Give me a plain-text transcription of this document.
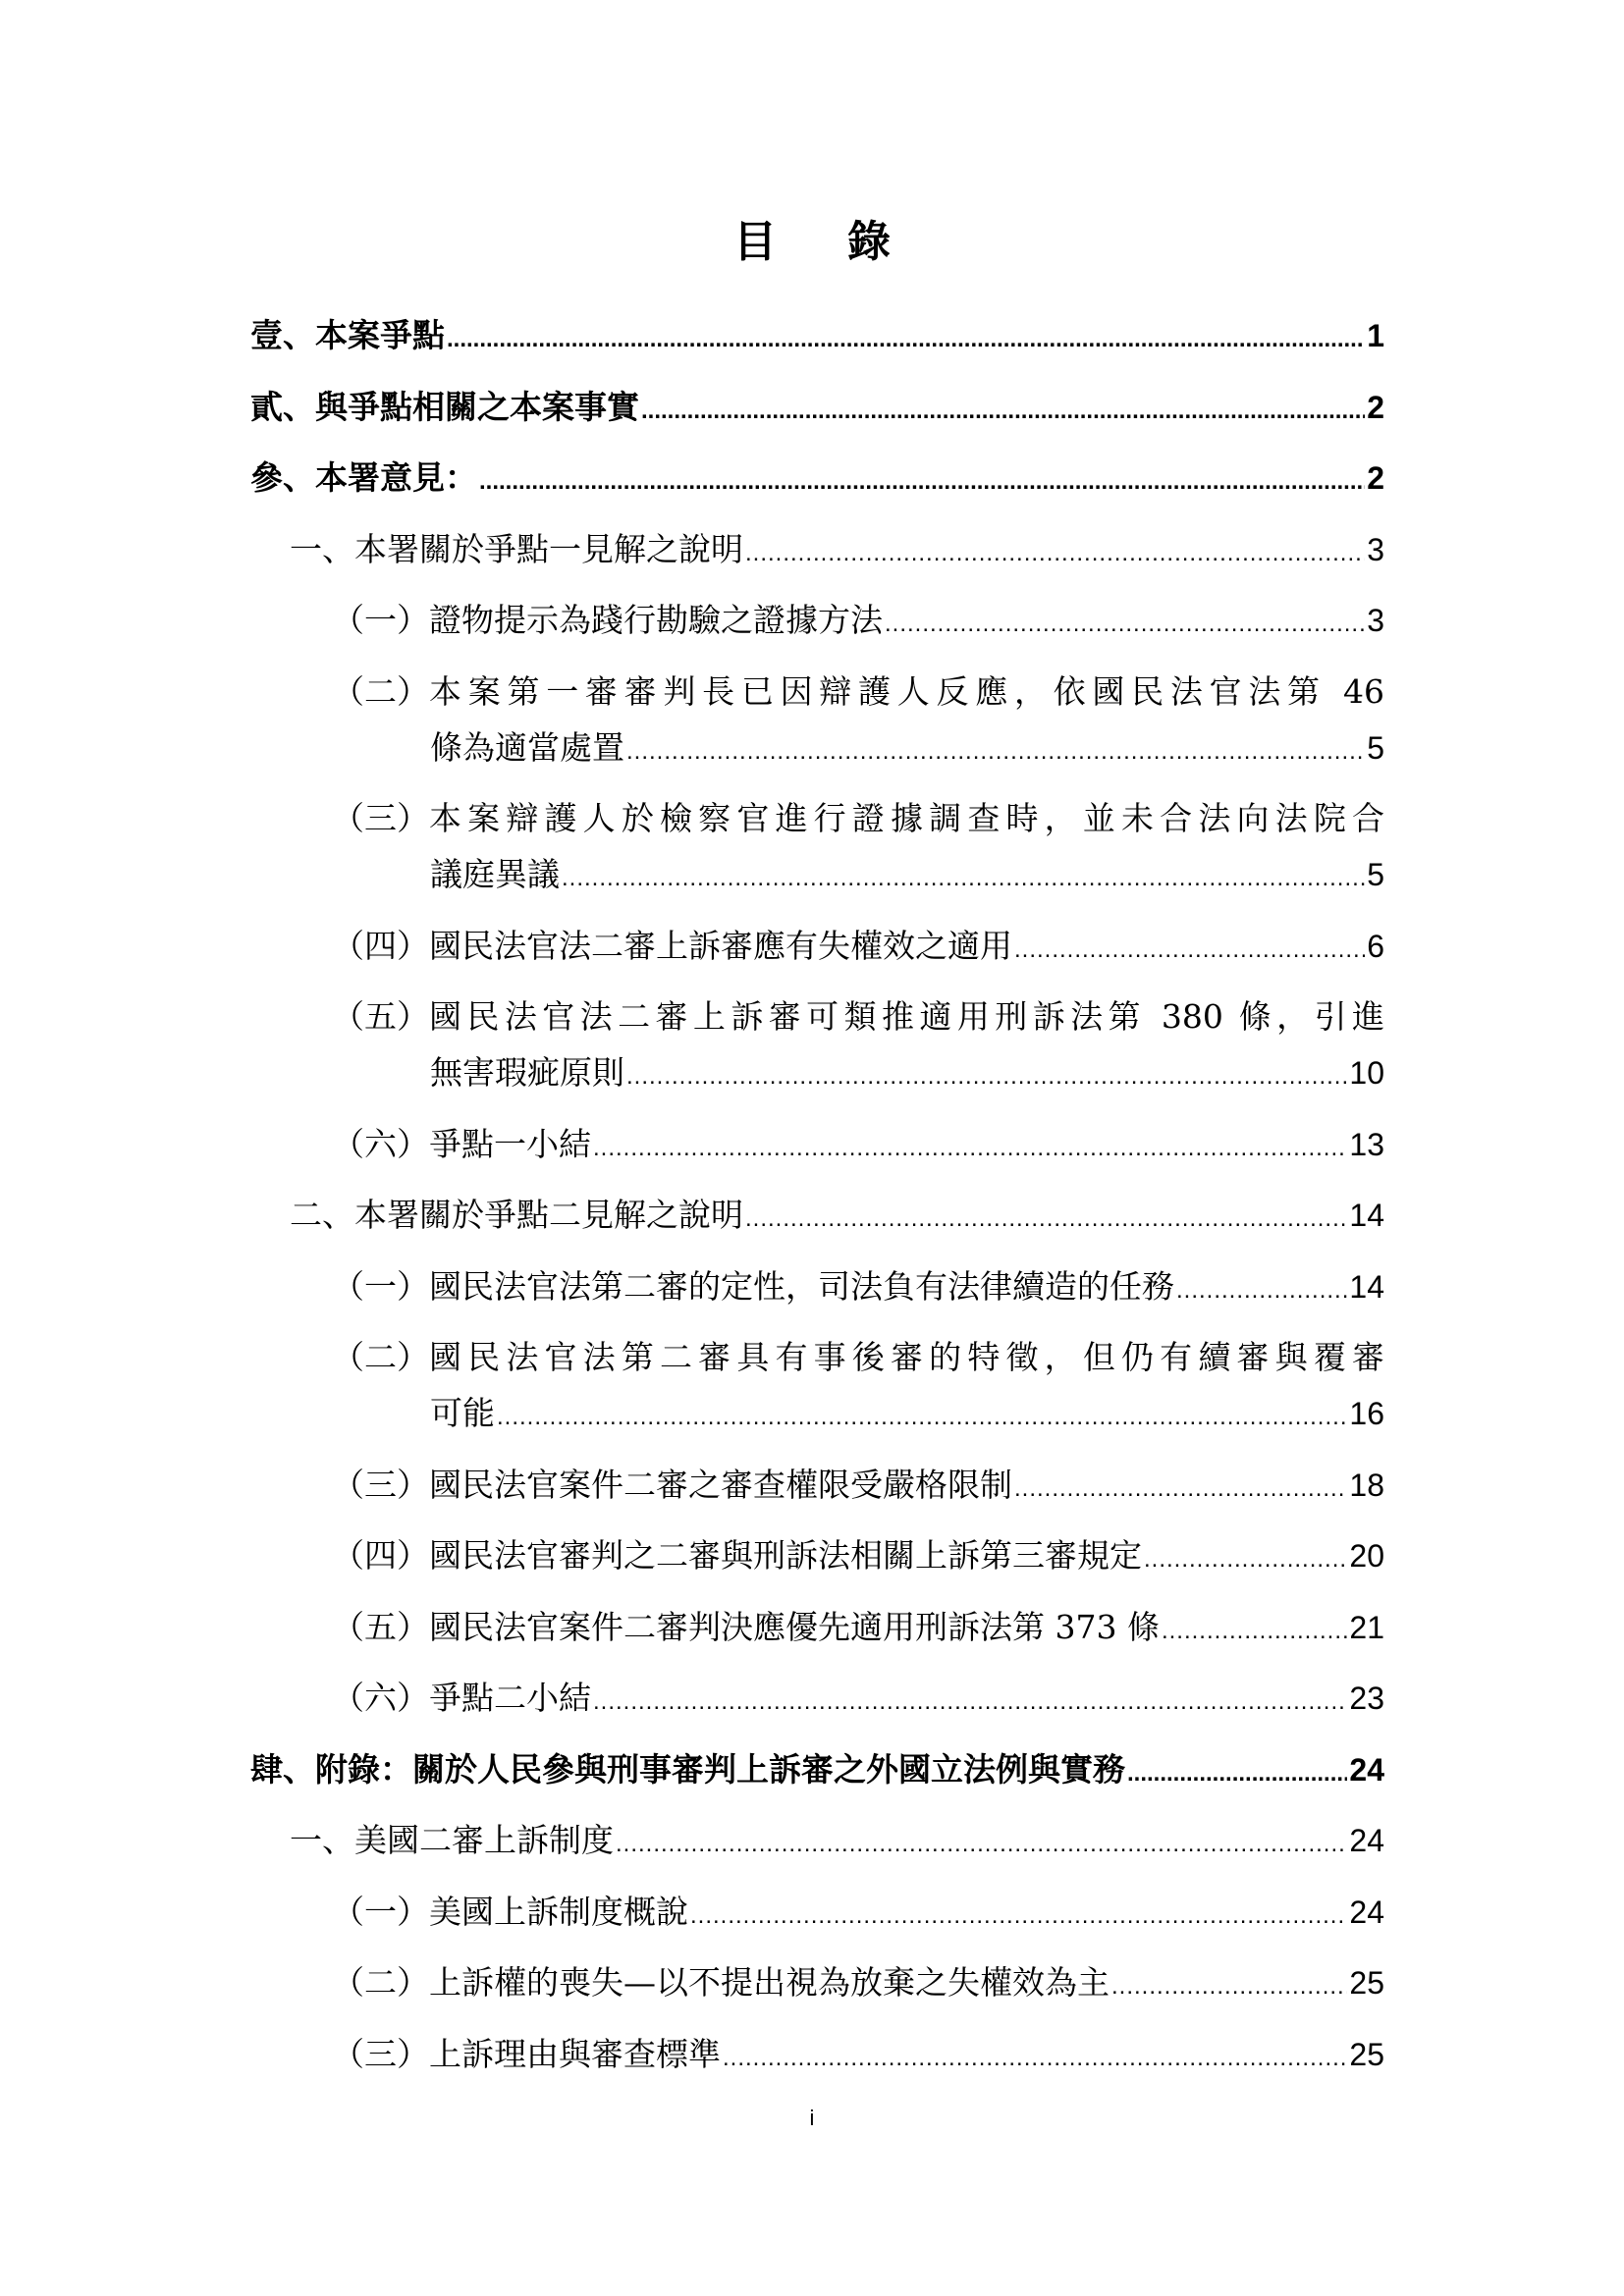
目 錄
壹、本案爭點 .....	1
貳、與爭點相關之本案事實 .....	2
參、本署意見： .....	2
一、本署關於爭點一見解之說明 .....	3
（一） 證物提示為踐行勘驗之證據方法 .....	3
（二） 本案第一審審判長已因辯護人反應，依國民法官法第 46
條為適當處置 .....	5
（三） 本案辯護人於檢察官進行證據調查時，並未合法向法院合
議庭異議 .....	5
（四） 國民法官法二審上訴審應有失權效之適用 .....	6
（五） 國民法官法二審上訴審可類推適用刑訴法第 380 條，引進
無害瑕疵原則 .....	10
（六） 爭點一小結 .....	13
二、本署關於爭點二見解之說明 .....	14
（一） 國民法官法第二審的定性，司法負有法律續造的任務 .....	14
（二） 國民法官法第二審具有事後審的特徵，但仍有續審與覆審
可能 .....	16
（三） 國民法官案件二審之審查權限受嚴格限制 .....	18
（四） 國民法官審判之二審與刑訴法相關上訴第三審規定 .....	20
（五） 國民法官案件二審判決應優先適用刑訴法第 373 條 .....	21
（六） 爭點二小結 .....	23
肆、附錄：關於人民參與刑事審判上訴審之外國立法例與實務 .....	24
一、美國二審上訴制度 .....	24
（一） 美國上訴制度概說 .....	24
（二） 上訴權的喪失—以不提出視為放棄之失權效為主 .....	25
（三） 上訴理由與審查標準 .....	25
i
